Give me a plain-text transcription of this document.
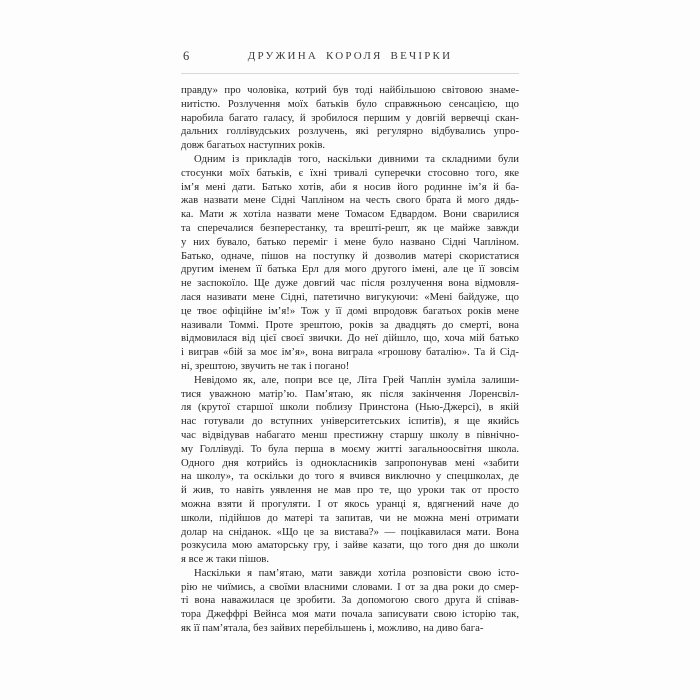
6	ДРУЖИНА КОРОЛЯ ВЕЧІРКИ

правду» про чоловіка, котрий був тоді найбільшою світовою знаме-
нитістю. Розлучення моїх батьків було справжньою сенсацією, що
наробила багато галасу, й зробилося першим у довгій вервечці скан-
дальних голлівудських розлучень, які регулярно відбувались упро-
довж багатьох наступних років.

Одним із прикладів того, наскільки дивними та складними були
стосунки моїх батьків, є їхні тривалі суперечки стосовно того, яке
ім’я мені дати. Батько хотів, аби я носив його родинне ім’я й ба-
жав назвати мене Сідні Чапліном на честь свого брата й мого дядь-
ка. Мати ж хотіла назвати мене Томасом Едвардом. Вони сварилися
та сперечалися безперестанку, та врешті-решт, як це майже завжди
у них бувало, батько переміг і мене було названо Сідні Чапліном.
Батько, одначе, пішов на поступку й дозволив матері скористатися
другим іменем її батька Ерл для мого другого імені, але це її зовсім
не заспокоїло. Ще дуже довгий час після розлучення вона відмовля-
лася називати мене Сідні, патетично вигукуючи: «Мені байдуже, що
це твоє офіційне ім’я!» Тож у її домі впродовж багатьох років мене
називали Томмі. Проте зрештою, років за двадцять до смерті, вона
відмовилася від цієї своєї звички. До неї дійшло, що, хоча мій батько
і виграв «бій за моє ім’я», вона виграла «грошову баталію». Та й Сід-
ні, зрештою, звучить не так і погано!

Невідомо як, але, попри все це, Літа Грей Чаплін зуміла залиши-
тися уважною матір’ю. Пам’ятаю, як після закінчення Лоренсвіл-
ля (крутої старшої школи поблизу Принстона (Нью-Джерсі), в якій
нас готували до вступних університетських іспитів), я ще якийсь
час відвідував набагато менш престижну старшу школу в північно-
му Голлівуді. То була перша в моєму житті загальноосвітня школа.
Одного дня котрийсь із однокласників запропонував мені «забити
на школу», та оскільки до того я вчився виключно у спецшколах, де
й жив, то навіть уявлення не мав про те, що уроки так от просто
можна взяти й прогуляти. І от якось уранці я, вдягнений наче до
школи, підійшов до матері та запитав, чи не можна мені отримати
долар на сніданок. «Що це за вистава?» — поцікавилася мати. Вона
розкусила мою аматорську гру, і зайве казати, що того дня до школи
я все ж таки пішов.

Наскільки я пам’ятаю, мати завжди хотіла розповісти свою істо-
рію не чиїмись, а своїми власними словами. І от за два роки до смер-
ті вона наважилася це зробити. За допомогою свого друга й співав-
тора Джеффрі Вейнса моя мати почала записувати свою історію так,
як її пам’ятала, без зайвих перебільшень і, можливо, на диво бага-
